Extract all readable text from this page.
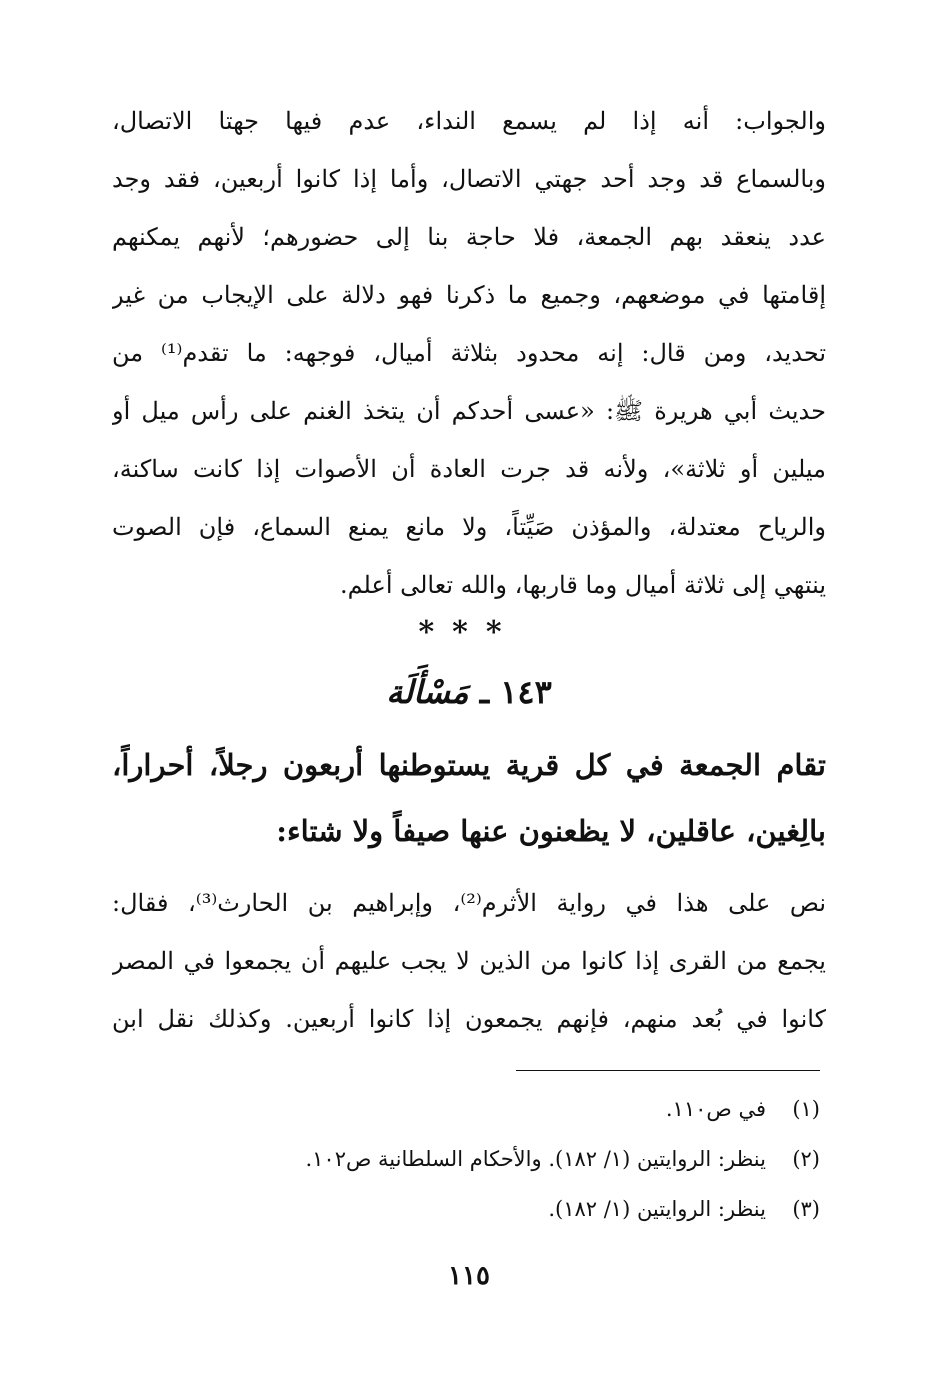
والجواب: أنه إذا لم يسمع النداء، عدم فيها جهتا الاتصال،
وبالسماع قد وجد أحد جهتي الاتصال، وأما إذا كانوا أربعين، فقد وجد
عدد ينعقد بهم الجمعة، فلا حاجة بنا إلى حضورهم؛ لأنهم يمكنهم
إقامتها في موضعهم، وجميع ما ذكرنا فهو دلالة على الإيجاب من غير
تحديد، ومن قال: إنه محدود بثلاثة أميال، فوجهه: ما تقدم⁽¹⁾ من
حديث أبي هريرة ﷺ: «عسى أحدكم أن يتخذ الغنم على رأس ميل أو
ميلين أو ثلاثة»، ولأنه قد جرت العادة أن الأصوات إذا كانت ساكنة،
والرياح معتدلة، والمؤذن صَيِّتاً، ولا مانع يمنع السماع، فإن الصوت
ينتهي إلى ثلاثة أميال وما قاربها، والله تعالى أعلم.
***
١٤٣ ـ مَسْأَلَة
تقام الجمعة في كل قرية يستوطنها أربعون رجلاً، أحراراً،
بالِغين، عاقلين، لا يظعنون عنها صيفاً ولا شتاء:
نص على هذا في رواية الأثرم⁽²⁾، وإبراهيم بن الحارث⁽³⁾، فقال:
يجمع من القرى إذا كانوا من الذين لا يجب عليهم أن يجمعوا في المصر
كانوا في بُعد منهم، فإنهم يجمعون إذا كانوا أربعين. وكذلك نقل ابن
(١)
في ص١١٠.
(٢)
ينظر: الروايتين (١/ ١٨٢). والأحكام السلطانية ص١٠٢.
(٣)
ينظر: الروايتين (١/ ١٨٢).
١١٥
